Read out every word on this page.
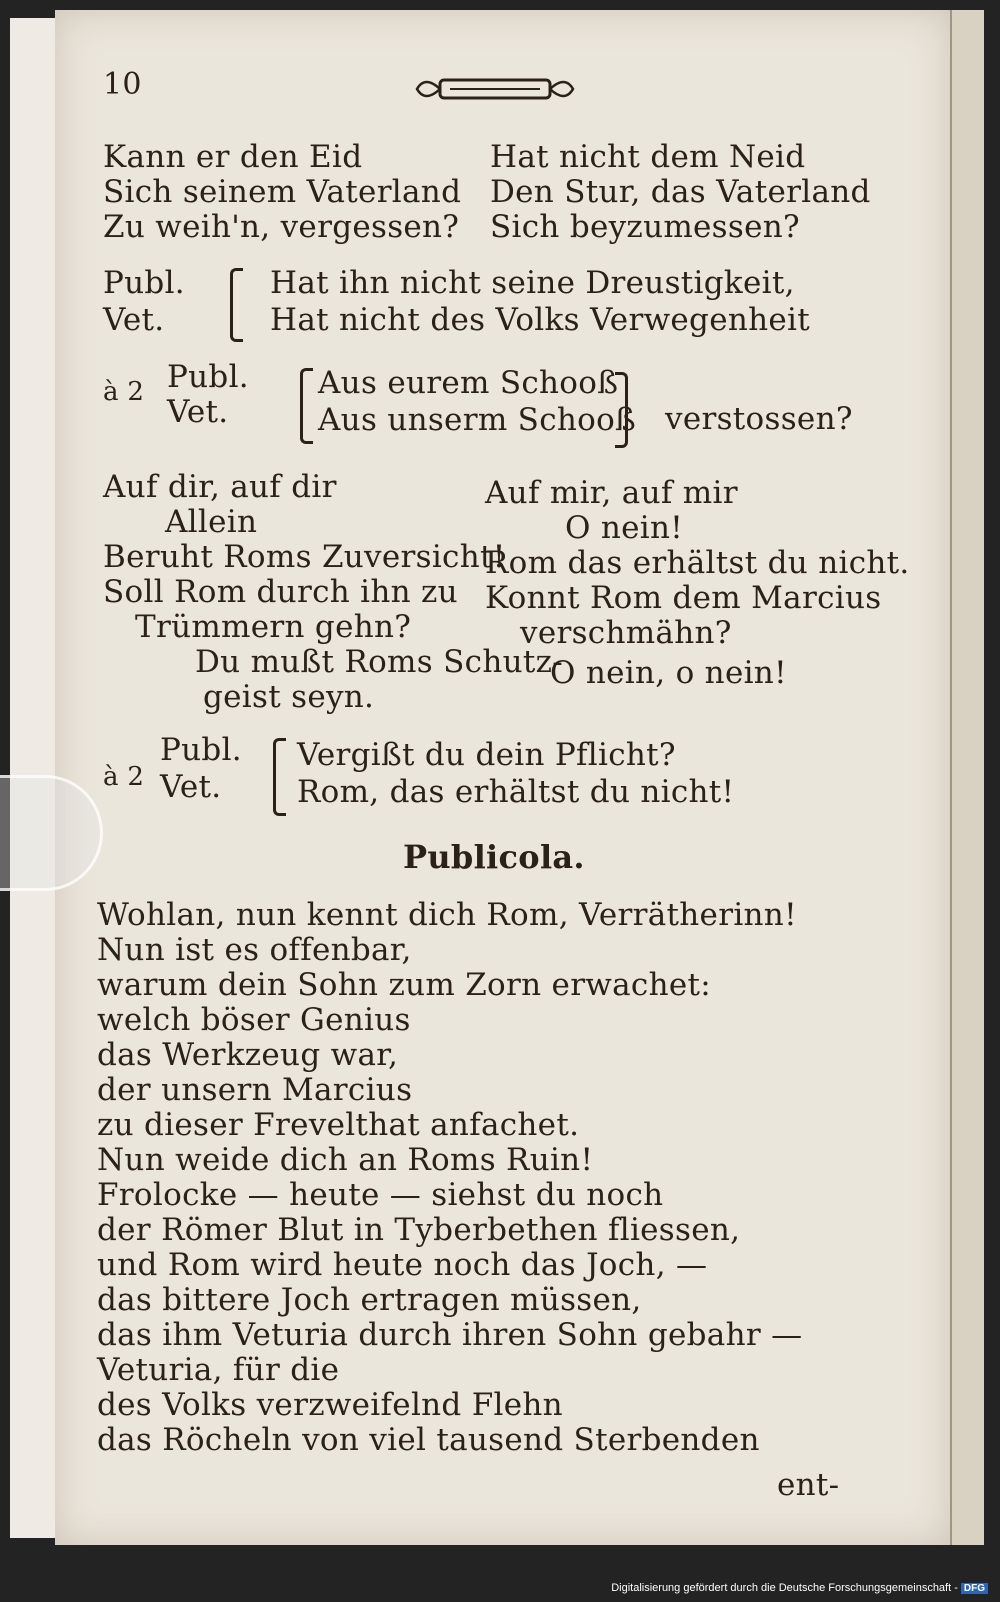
10
Kann er den Eid
Sich seinem Vaterland
Zu weih'n, vergessen?
Hat nicht dem Neid
Den Stur, das Vaterland
Sich beyzumessen?
Publ.
Vet.
Hat ihn nicht seine Dreustigkeit,
Hat nicht des Volks Verwegenheit
à 2 Publ.
Vet.
Aus eurem Schooß
Aus unserm Schooß verstossen?
Auf dir, auf dir
Allein
Beruht Roms Zuversicht!
Soll Rom durch ihn zu
Trümmern gehn?
Du mußt Roms Schutz-
geist seyn.
Auf mir, auf mir
O nein!
Rom das erhältst du nicht.
Konnt Rom dem Marcius
verschmähn?
O nein, o nein!
à 2
Publ.
Vet.
Vergißt du dein Pflicht?
Rom, das erhältst du nicht!
Publicola.
Wohlan, nun kennt dich Rom, Verrätherinn!
Nun ist es offenbar,
warum dein Sohn zum Zorn erwachet:
welch böser Genius
das Werkzeug war,
der unsern Marcius
zu dieser Frevelthat anfachet.
Nun weide dich an Roms Ruin!
Frolocke — heute — siehst du noch
der Römer Blut in Tyberbethen fliessen,
und Rom wird heute noch das Joch, —
das bittere Joch ertragen müssen,
das ihm Veturia durch ihren Sohn gebahr —
Veturia, für die
des Volks verzweifelnd Flehn
das Röcheln von viel tausend Sterbenden
ent-
Digitalisierung gefördert durch die Deutsche Forschungsgemeinschaft - DFG
